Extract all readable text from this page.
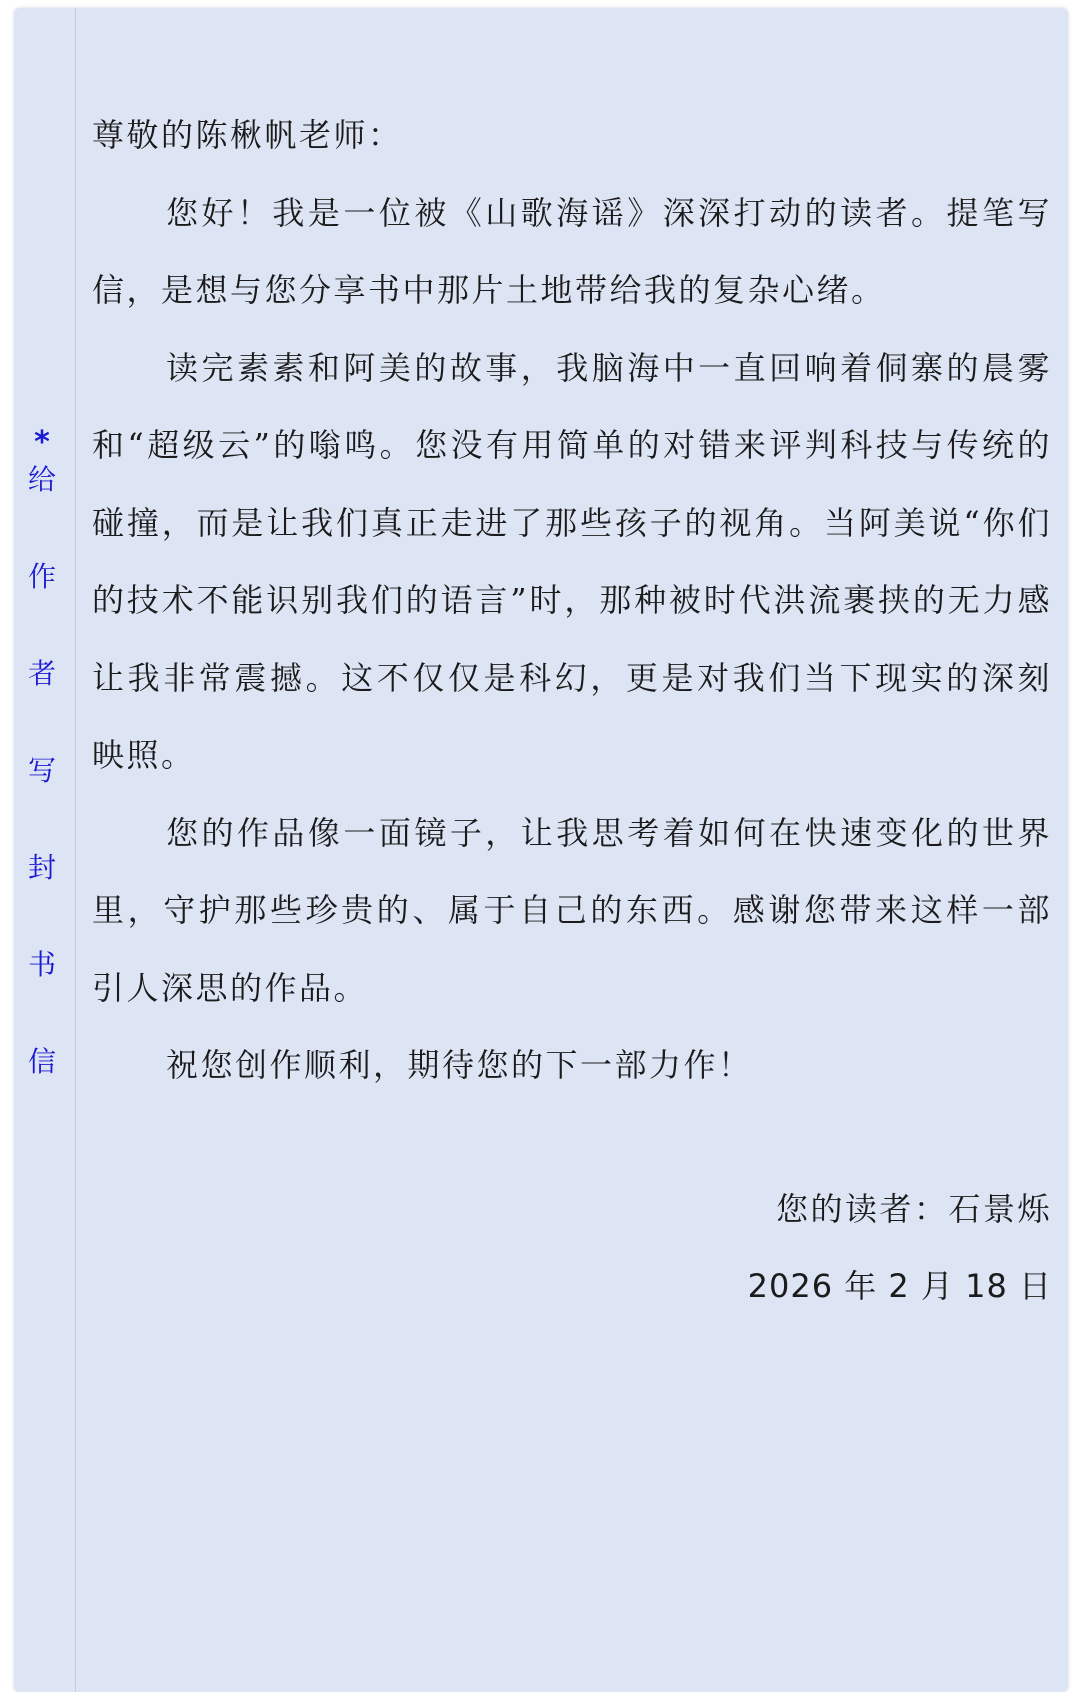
*
给
作
者
写
封
书
信

尊敬的陈楸帆老师：

您好！我是一位被《山歌海谣》深深打动的读者。提笔写信，是想与您分享书中那片土地带给我的复杂心绪。

读完素素和阿美的故事，我脑海中一直回响着侗寨的晨雾和“超级云”的嗡鸣。您没有用简单的对错来评判科技与传统的碰撞，而是让我们真正走进了那些孩子的视角。当阿美说“你们的技术不能识别我们的语言”时，那种被时代洪流裹挟的无力感让我非常震撼。这不仅仅是科幻，更是对我们当下现实的深刻映照。

您的作品像一面镜子，让我思考着如何在快速变化的世界里，守护那些珍贵的、属于自己的东西。感谢您带来这样一部引人深思的作品。

祝您创作顺利，期待您的下一部力作！

您的读者：石景烁
2026 年 2 月 18 日
